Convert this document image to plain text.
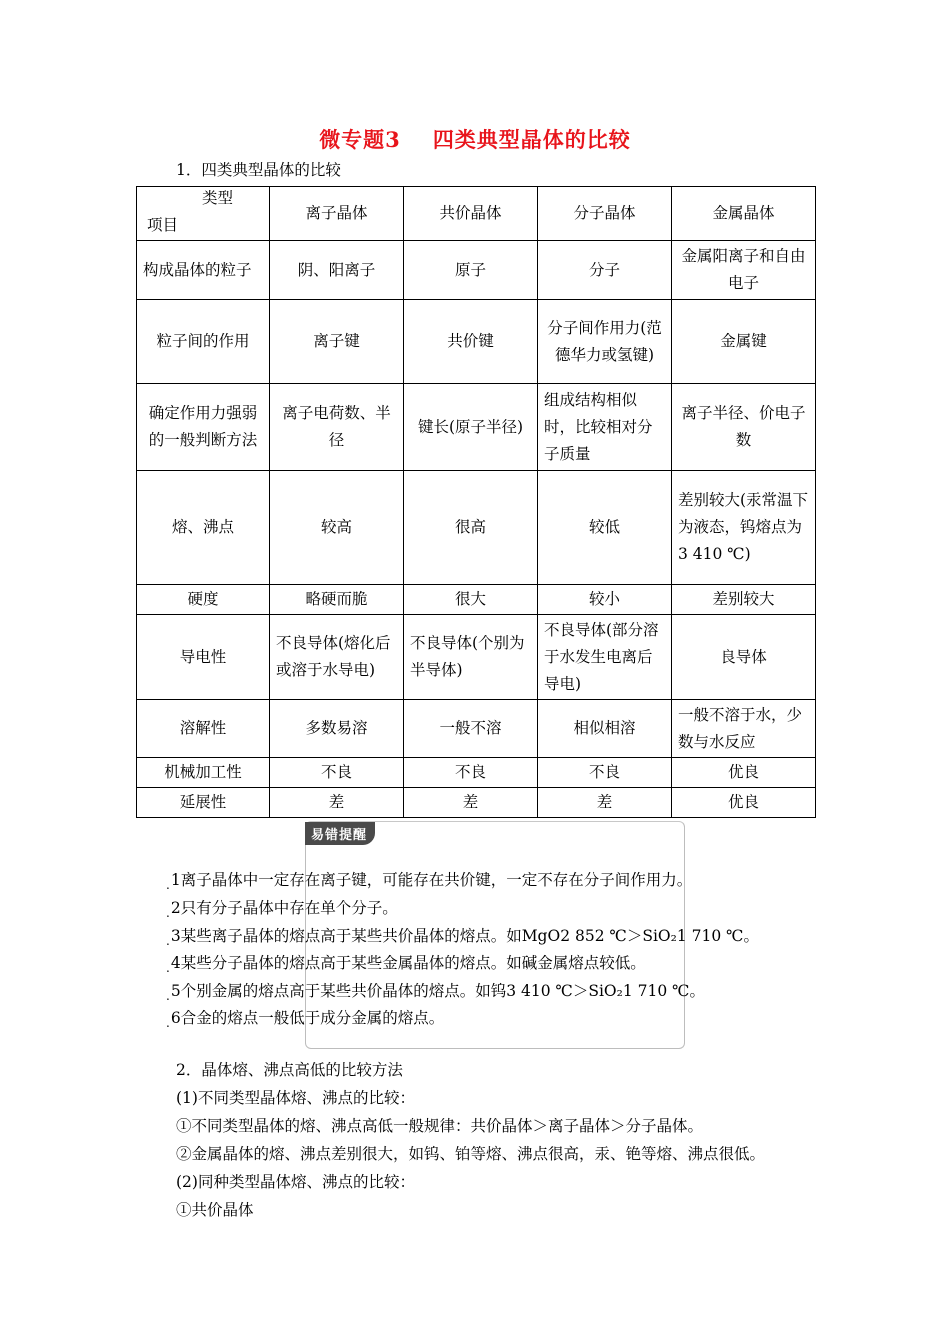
微专题3 四类典型晶体的比较
1．四类典型晶体的比较
类型
项目	离子晶体	共价晶体	分子晶体	金属晶体
构成晶体的粒子	阴、阳离子	原子	分子	金属阳离子和自由电子
粒子间的作用	离子键	共价键	分子间作用力(范德华力或氢键)	金属键
确定作用力强弱的一般判断方法	离子电荷数、半径	键长(原子半径)	组成结构相似时，比较相对分子质量	离子半径、价电子数
熔、沸点	较高	很高	较低	差别较大(汞常温下为液态，钨熔点为3 410 ℃)
硬度	略硬而脆	很大	较小	差别较大
导电性	不良导体(熔化后或溶于水导电)	不良导体(个别为半导体)	不良导体(部分溶于水发生电离后导电)	良导体
溶解性	多数易溶	一般不溶	相似相溶	一般不溶于水，少数与水反应
机械加工性	不良	不良	不良	优良
延展性	差	差	差	优良
易错提醒
$_.$1离子晶体中一定存在离子键，可能存在共价键，一定不存在分子间作用力。
$_.$2只有分子晶体中存在单个分子。
$_.$3某些离子晶体的熔点高于某些共价晶体的熔点。如MgO2 852 ℃＞SiO₂1 710 ℃。
$_.$4某些分子晶体的熔点高于某些金属晶体的熔点。如碱金属熔点较低。
$_.$5个别金属的熔点高于某些共价晶体的熔点。如钨3 410 ℃＞SiO₂1 710 ℃。
$_.$6合金的熔点一般低于成分金属的熔点。
2．晶体熔、沸点高低的比较方法
(1)不同类型晶体熔、沸点的比较：
①不同类型晶体的熔、沸点高低一般规律：共价晶体＞离子晶体＞分子晶体。
②金属晶体的熔、沸点差别很大，如钨、铂等熔、沸点很高，汞、铯等熔、沸点很低。
(2)同种类型晶体熔、沸点的比较：
①共价晶体
